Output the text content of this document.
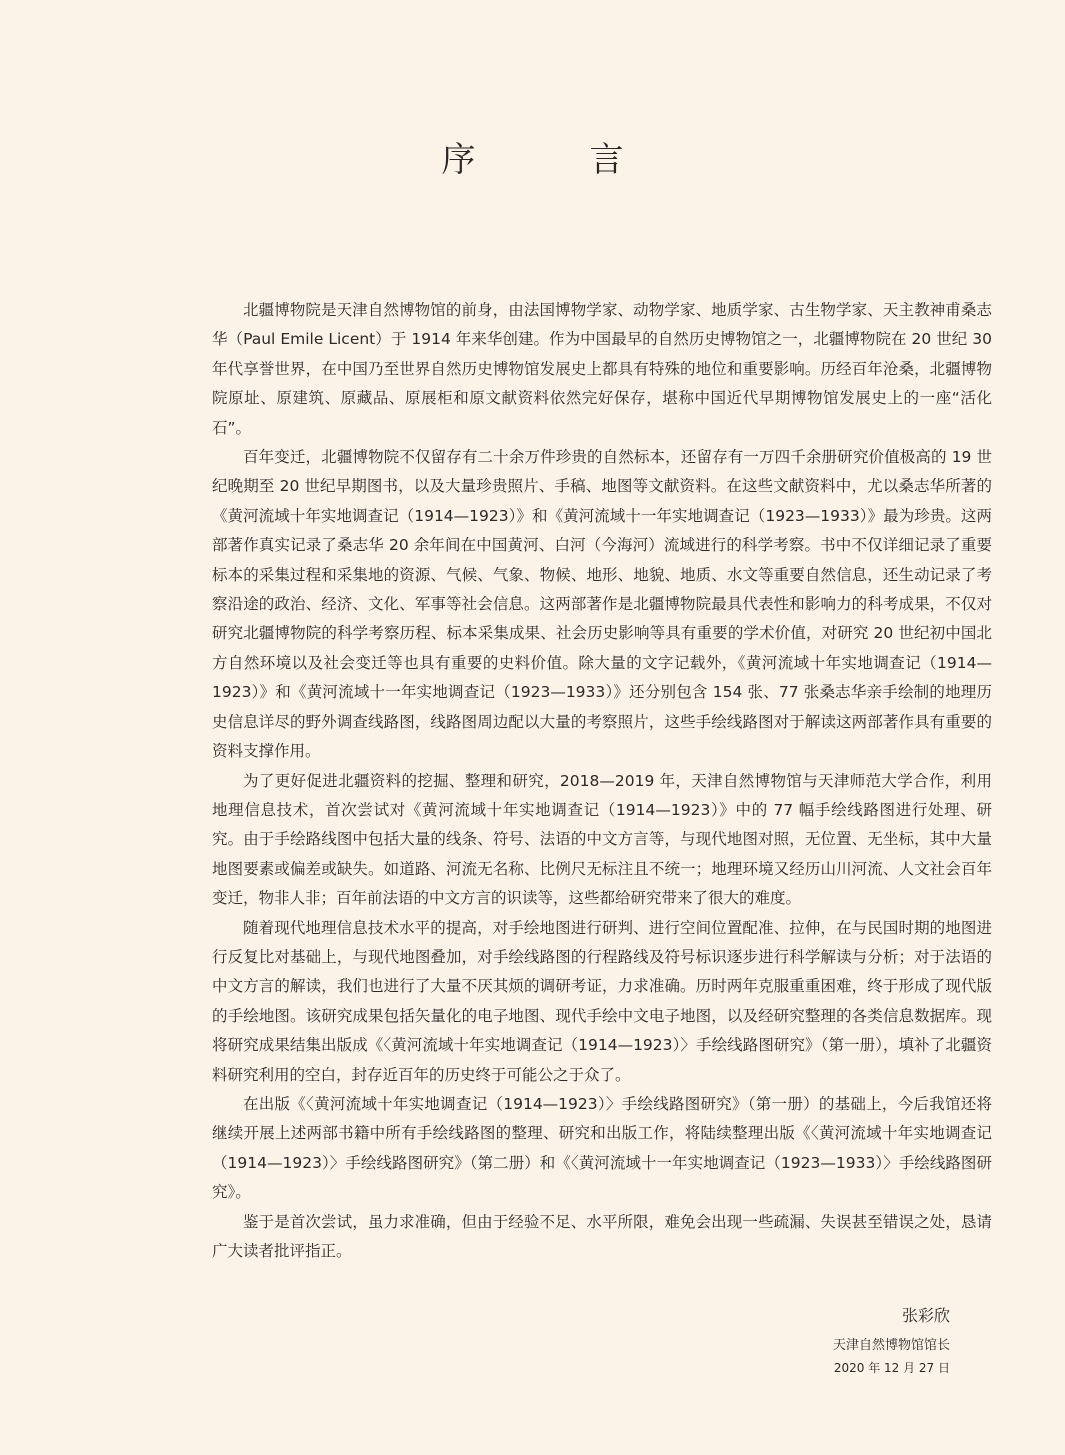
序　言

北疆博物院是天津自然博物馆的前身，由法国博物学家、动物学家、地质学家、古生物学家、天主教神甫桑志华（Paul Emile Licent）于 1914 年来华创建。作为中国最早的自然历史博物馆之一，北疆博物院在 20 世纪 30 年代享誉世界，在中国乃至世界自然历史博物馆发展史上都具有特殊的地位和重要影响。历经百年沧桑，北疆博物院原址、原建筑、原藏品、原展柜和原文献资料依然完好保存，堪称中国近代早期博物馆发展史上的一座“活化石”。

百年变迁，北疆博物院不仅留存有二十余万件珍贵的自然标本，还留存有一万四千余册研究价值极高的 19 世纪晚期至 20 世纪早期图书，以及大量珍贵照片、手稿、地图等文献资料。在这些文献资料中，尤以桑志华所著的《黄河流域十年实地调查记（1914—1923）》和《黄河流域十一年实地调查记（1923—1933）》最为珍贵。这两部著作真实记录了桑志华 20 余年间在中国黄河、白河（今海河）流域进行的科学考察。书中不仅详细记录了重要标本的采集过程和采集地的资源、气候、气象、物候、地形、地貌、地质、水文等重要自然信息，还生动记录了考察沿途的政治、经济、文化、军事等社会信息。这两部著作是北疆博物院最具代表性和影响力的科考成果，不仅对研究北疆博物院的科学考察历程、标本采集成果、社会历史影响等具有重要的学术价值，对研究 20 世纪初中国北方自然环境以及社会变迁等也具有重要的史料价值。除大量的文字记载外，《黄河流域十年实地调查记（1914—1923）》和《黄河流域十一年实地调查记（1923—1933）》还分别包含 154 张、77 张桑志华亲手绘制的地理历史信息详尽的野外调查线路图，线路图周边配以大量的考察照片，这些手绘线路图对于解读这两部著作具有重要的资料支撑作用。

为了更好促进北疆资料的挖掘、整理和研究，2018—2019 年，天津自然博物馆与天津师范大学合作，利用地理信息技术，首次尝试对《黄河流域十年实地调查记（1914—1923）》中的 77 幅手绘线路图进行处理、研究。由于手绘路线图中包括大量的线条、符号、法语的中文方言等，与现代地图对照，无位置、无坐标，其中大量地图要素或偏差或缺失。如道路、河流无名称、比例尺无标注且不统一；地理环境又经历山川河流、人文社会百年变迁，物非人非；百年前法语的中文方言的识读等，这些都给研究带来了很大的难度。

随着现代地理信息技术水平的提高，对手绘地图进行研判、进行空间位置配准、拉伸，在与民国时期的地图进行反复比对基础上，与现代地图叠加，对手绘线路图的行程路线及符号标识逐步进行科学解读与分析；对于法语的中文方言的解读，我们也进行了大量不厌其烦的调研考证，力求准确。历时两年克服重重困难，终于形成了现代版的手绘地图。该研究成果包括矢量化的电子地图、现代手绘中文电子地图，以及经研究整理的各类信息数据库。现将研究成果结集出版成《〈黄河流域十年实地调查记（1914—1923）〉手绘线路图研究》（第一册），填补了北疆资料研究利用的空白，封存近百年的历史终于可能公之于众了。

在出版《〈黄河流域十年实地调查记（1914—1923）〉手绘线路图研究》（第一册）的基础上，今后我馆还将继续开展上述两部书籍中所有手绘线路图的整理、研究和出版工作，将陆续整理出版《〈黄河流域十年实地调查记（1914—1923）〉手绘线路图研究》（第二册）和《〈黄河流域十一年实地调查记（1923—1933）〉手绘线路图研究》。

鉴于是首次尝试，虽力求准确，但由于经验不足、水平所限，难免会出现一些疏漏、失误甚至错误之处，恳请广大读者批评指正。

张彩欣
天津自然博物馆馆长
2020 年 12 月 27 日
